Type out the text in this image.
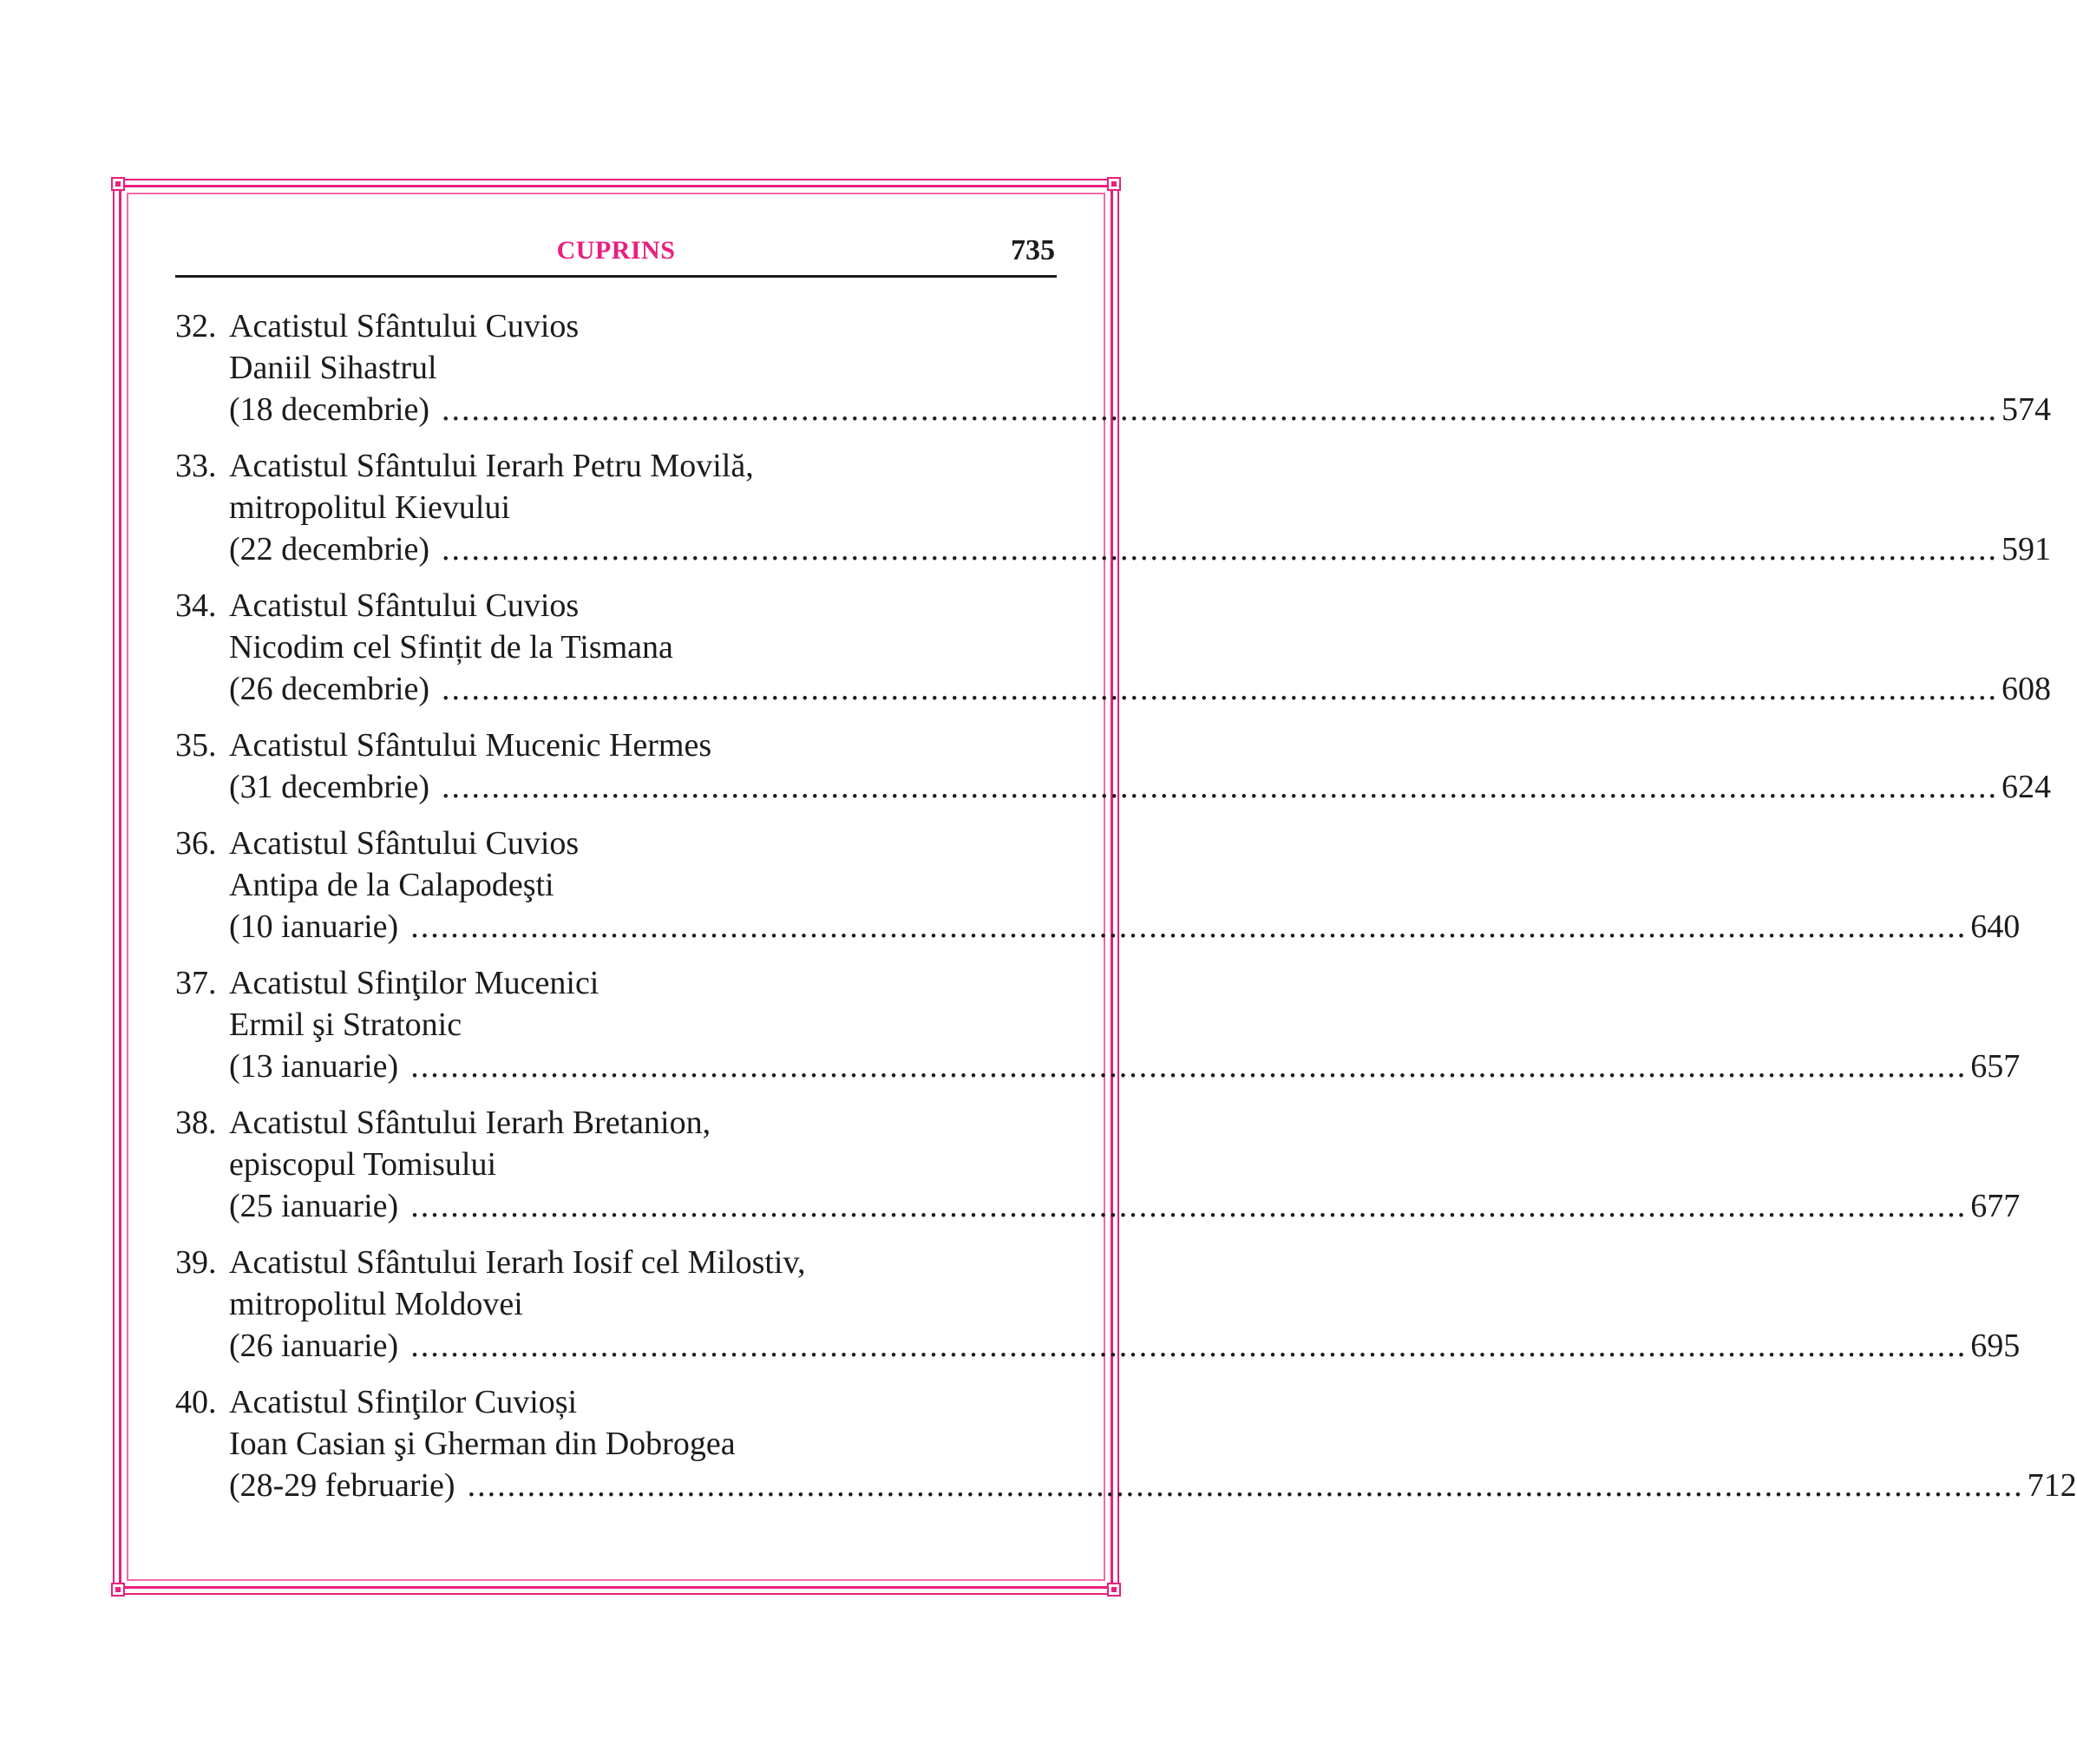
CUPRINS	735
32. Acatistul Sfântului Cuvios
Daniil Sihastrul
(18 decembrie) ............................................................................................................................................................ 574
33. Acatistul Sfântului Ierarh Petru Movilă,
mitropolitul Kievului
(22 decembrie) ............................................................................................................................................................ 591
34. Acatistul Sfântului Cuvios
Nicodim cel Sfințit de la Tismana
(26 decembrie) ............................................................................................................................................................ 608
35. Acatistul Sfântului Mucenic Hermes
(31 decembrie) ............................................................................................................................................................ 624
36. Acatistul Sfântului Cuvios
Antipa de la Calapodeşti
(10 ianuarie) ............................................................................................................................................................ 640
37. Acatistul Sfinţilor Mucenici
Ermil şi Stratonic
(13 ianuarie) ............................................................................................................................................................ 657
38. Acatistul Sfântului Ierarh Bretanion,
episcopul Tomisului
(25 ianuarie) ............................................................................................................................................................ 677
39. Acatistul Sfântului Ierarh Iosif cel Milostiv,
mitropolitul Moldovei
(26 ianuarie) ............................................................................................................................................................ 695
40. Acatistul Sfinţilor Cuvioși
Ioan Casian şi Gherman din Dobrogea
(28-29 februarie) ............................................................................................................................................................ 712
